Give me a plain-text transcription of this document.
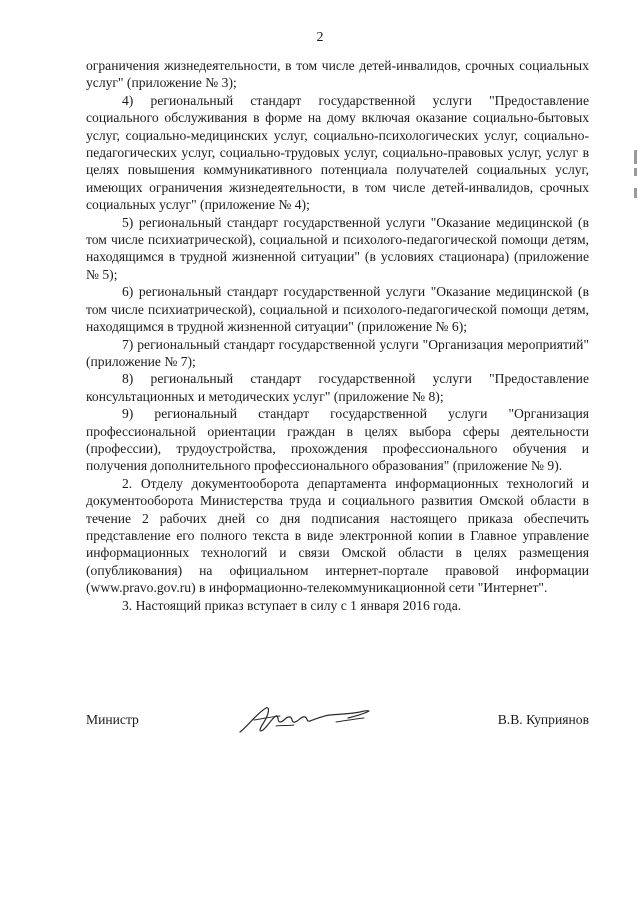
2

ограничения жизнедеятельности, в том числе детей-инвалидов, срочных социальных услуг" (приложение № 3);

4) региональный стандарт государственной услуги "Предоставление социального обслуживания в форме на дому включая оказание социально-бытовых услуг, социально-медицинских услуг, социально-психологических услуг, социально-педагогических услуг, социально-трудовых услуг, социально-правовых услуг, услуг в целях повышения коммуникативного потенциала получателей социальных услуг, имеющих ограничения жизнедеятельности, в том числе детей-инвалидов, срочных социальных услуг" (приложение № 4);

5) региональный стандарт государственной услуги "Оказание медицинской (в том числе психиатрической), социальной и психолого-педагогической помощи детям, находящимся в трудной жизненной ситуации" (в условиях стационара) (приложение № 5);

6) региональный стандарт государственной услуги "Оказание медицинской (в том числе психиатрической), социальной и психолого-педагогической помощи детям, находящимся в трудной жизненной ситуации" (приложение № 6);

7) региональный стандарт государственной услуги "Организация мероприятий" (приложение № 7);

8) региональный стандарт государственной услуги "Предоставление консультационных и методических услуг" (приложение № 8);

9) региональный стандарт государственной услуги "Организация профессиональной ориентации граждан в целях выбора сферы деятельности (профессии), трудоустройства, прохождения профессионального обучения и получения дополнительного профессионального образования" (приложение № 9).

2. Отделу документооборота департамента информационных технологий и документооборота Министерства труда и социального развития Омской области в течение 2 рабочих дней со дня подписания настоящего приказа обеспечить представление его полного текста в виде электронной копии в Главное управление информационных технологий и связи Омской области в целях размещения (опубликования) на официальном интернет-портале правовой информации (www.pravo.gov.ru) в информационно-телекоммуникационной сети "Интернет".

3. Настоящий приказ вступает в силу с 1 января 2016 года.

Министр	В.В. Куприянов
